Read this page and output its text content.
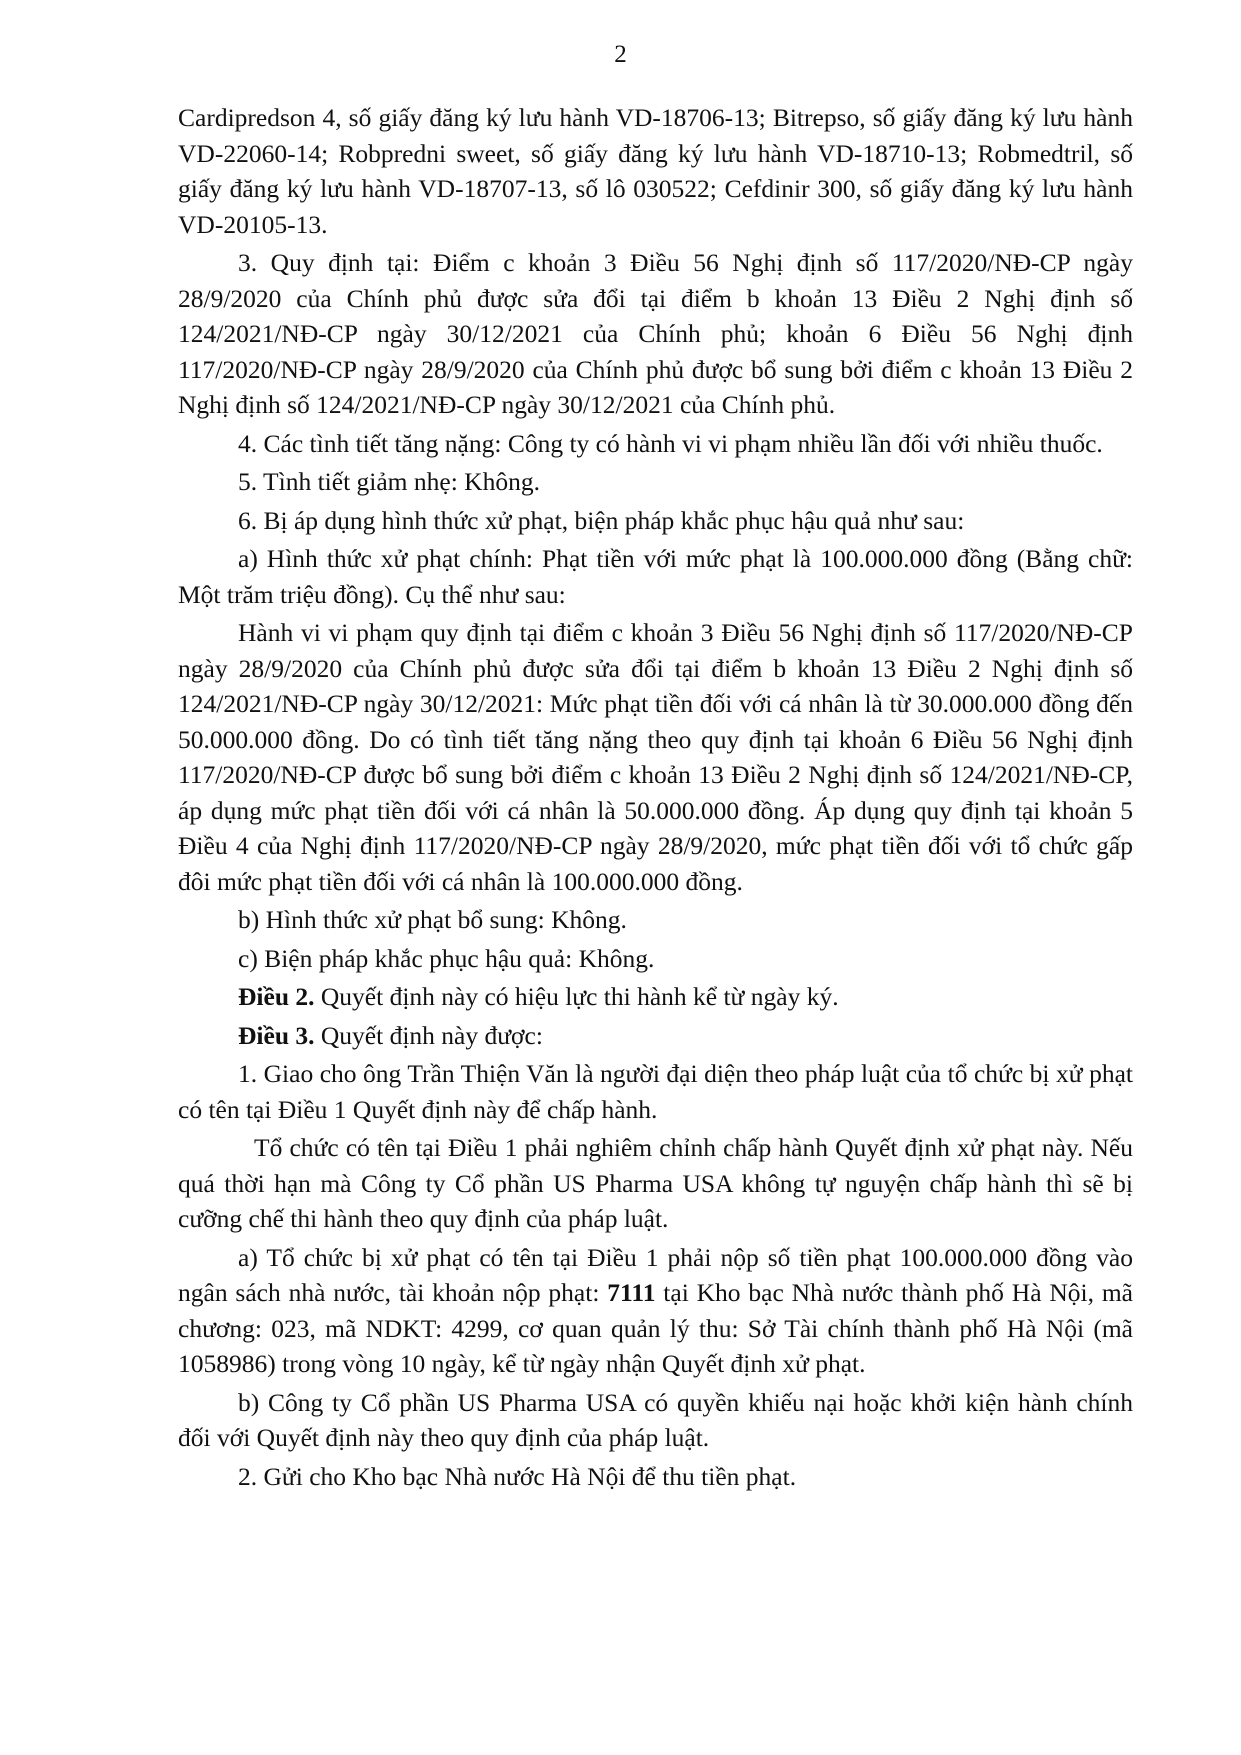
2

Cardipredson 4, số giấy đăng ký lưu hành VD-18706-13; Bitrepso, số giấy đăng ký lưu hành VD-22060-14; Robpredni sweet, số giấy đăng ký lưu hành VD-18710-13; Robmedtril, số giấy đăng ký lưu hành VD-18707-13, số lô 030522; Cefdinir 300, số giấy đăng ký lưu hành VD-20105-13.

3. Quy định tại: Điểm c khoản 3 Điều 56 Nghị định số 117/2020/NĐ-CP ngày 28/9/2020 của Chính phủ được sửa đổi tại điểm b khoản 13 Điều 2 Nghị định số 124/2021/NĐ-CP ngày 30/12/2021 của Chính phủ; khoản 6 Điều 56 Nghị định 117/2020/NĐ-CP ngày 28/9/2020 của Chính phủ được bổ sung bởi điểm c khoản 13 Điều 2 Nghị định số 124/2021/NĐ-CP ngày 30/12/2021 của Chính phủ.

4. Các tình tiết tăng nặng: Công ty có hành vi vi phạm nhiều lần đối với nhiều thuốc.

5. Tình tiết giảm nhẹ: Không.

6. Bị áp dụng hình thức xử phạt, biện pháp khắc phục hậu quả như sau:

a) Hình thức xử phạt chính: Phạt tiền với mức phạt là 100.000.000 đồng (Bằng chữ: Một trăm triệu đồng). Cụ thể như sau:

Hành vi vi phạm quy định tại điểm c khoản 3 Điều 56 Nghị định số 117/2020/NĐ-CP ngày 28/9/2020 của Chính phủ được sửa đổi tại điểm b khoản 13 Điều 2 Nghị định số 124/2021/NĐ-CP ngày 30/12/2021: Mức phạt tiền đối với cá nhân là từ 30.000.000 đồng đến 50.000.000 đồng. Do có tình tiết tăng nặng theo quy định tại khoản 6 Điều 56 Nghị định 117/2020/NĐ-CP được bổ sung bởi điểm c khoản 13 Điều 2 Nghị định số 124/2021/NĐ-CP, áp dụng mức phạt tiền đối với cá nhân là 50.000.000 đồng. Áp dụng quy định tại khoản 5 Điều 4 của Nghị định 117/2020/NĐ-CP ngày 28/9/2020, mức phạt tiền đối với tổ chức gấp đôi mức phạt tiền đối với cá nhân là 100.000.000 đồng.

b) Hình thức xử phạt bổ sung: Không.

c) Biện pháp khắc phục hậu quả: Không.

Điều 2. Quyết định này có hiệu lực thi hành kể từ ngày ký.

Điều 3. Quyết định này được:

1. Giao cho ông Trần Thiện Văn là người đại diện theo pháp luật của tổ chức bị xử phạt có tên tại Điều 1 Quyết định này để chấp hành.

Tổ chức có tên tại Điều 1 phải nghiêm chỉnh chấp hành Quyết định xử phạt này. Nếu quá thời hạn mà Công ty Cổ phần US Pharma USA không tự nguyện chấp hành thì sẽ bị cưỡng chế thi hành theo quy định của pháp luật.

a) Tổ chức bị xử phạt có tên tại Điều 1 phải nộp số tiền phạt 100.000.000 đồng vào ngân sách nhà nước, tài khoản nộp phạt: 7111 tại Kho bạc Nhà nước thành phố Hà Nội, mã chương: 023, mã NDKT: 4299, cơ quan quản lý thu: Sở Tài chính thành phố Hà Nội (mã 1058986) trong vòng 10 ngày, kể từ ngày nhận Quyết định xử phạt.

b) Công ty Cổ phần US Pharma USA có quyền khiếu nại hoặc khởi kiện hành chính đối với Quyết định này theo quy định của pháp luật.

2. Gửi cho Kho bạc Nhà nước Hà Nội để thu tiền phạt.
